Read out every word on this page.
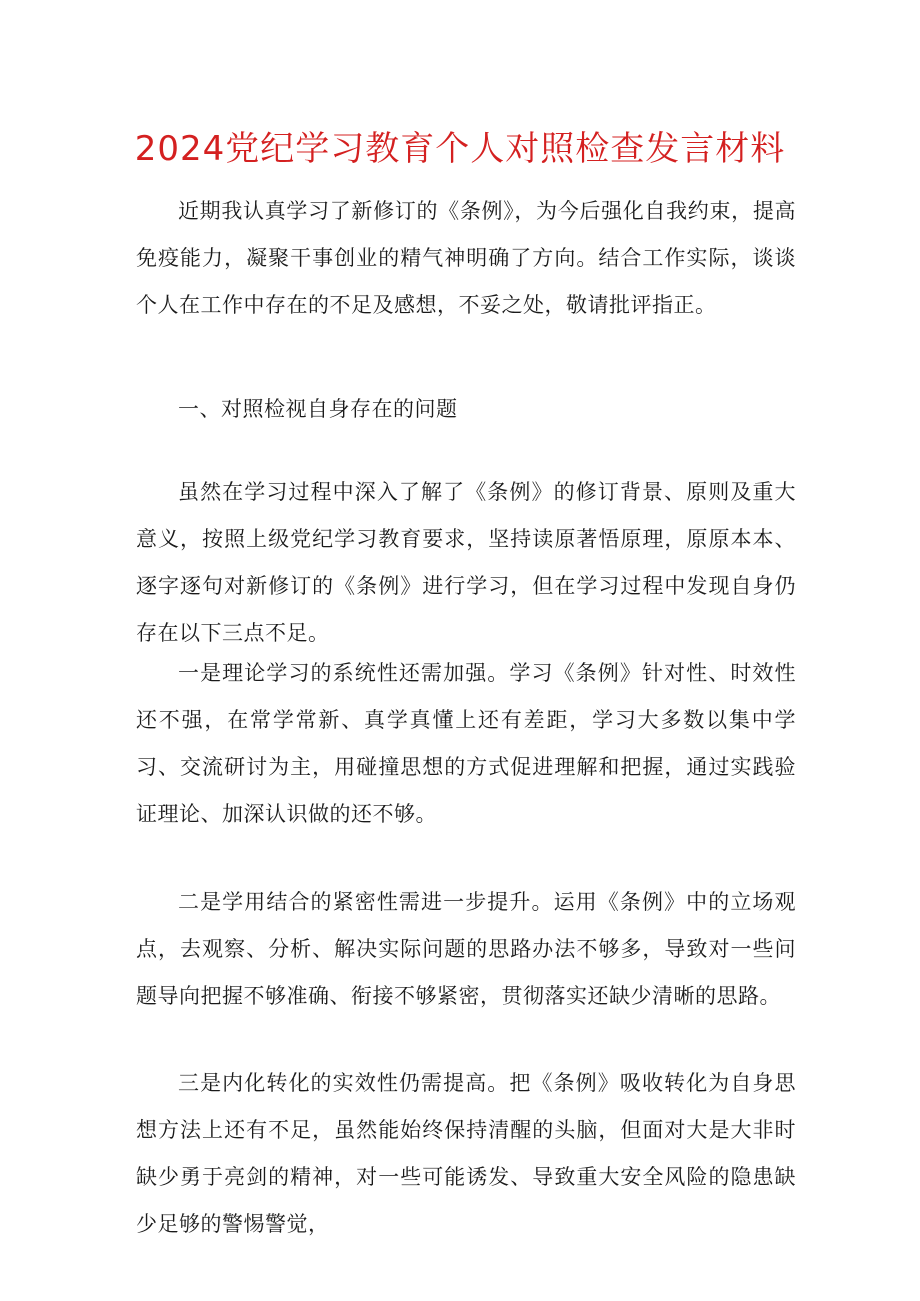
2024党纪学习教育个人对照检查发言材料
近期我认真学习了新修订的《条例》，为今后强化自我约束，提高免疫能力，凝聚干事创业的精气神明确了方向。结合工作实际，谈谈个人在工作中存在的不足及感想，不妥之处，敬请批评指正。
一、对照检视自身存在的问题
虽然在学习过程中深入了解了《条例》的修订背景、原则及重大意义，按照上级党纪学习教育要求，坚持读原著悟原理，原原本本、逐字逐句对新修订的《条例》进行学习，但在学习过程中发现自身仍存在以下三点不足。
一是理论学习的系统性还需加强。学习《条例》针对性、时效性还不强，在常学常新、真学真懂上还有差距，学习大多数以集中学习、交流研讨为主，用碰撞思想的方式促进理解和把握，通过实践验证理论、加深认识做的还不够。
二是学用结合的紧密性需进一步提升。运用《条例》中的立场观点，去观察、分析、解决实际问题的思路办法不够多，导致对一些问题导向把握不够准确、衔接不够紧密，贯彻落实还缺少清晰的思路。
三是内化转化的实效性仍需提高。把《条例》吸收转化为自身思想方法上还有不足，虽然能始终保持清醒的头脑，但面对大是大非时缺少勇于亮剑的精神，对一些可能诱发、导致重大安全风险的隐患缺少足够的警惕警觉，
